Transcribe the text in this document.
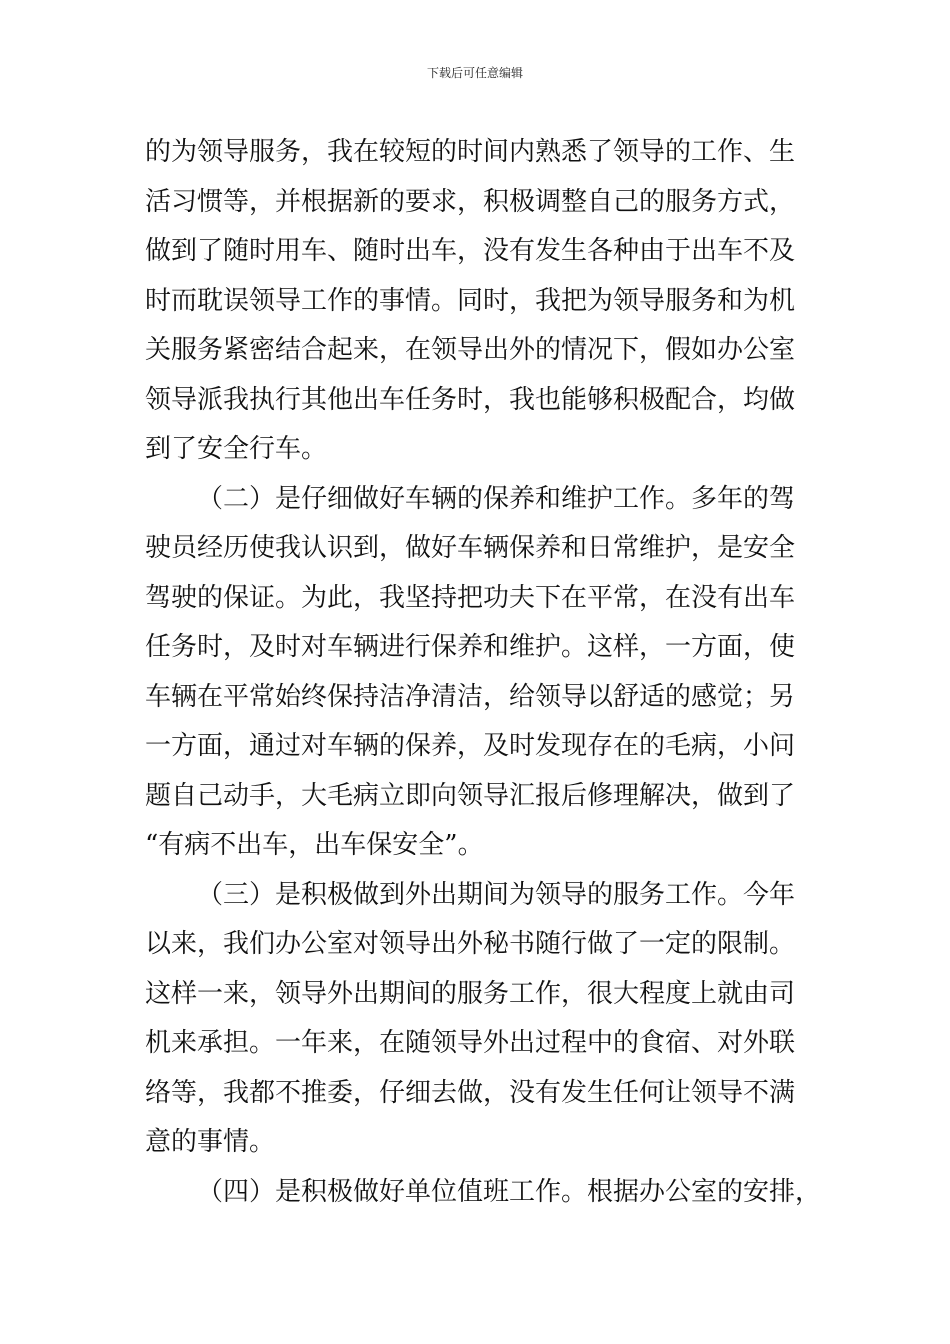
下载后可任意编辑
的为领导服务，我在较短的时间内熟悉了领导的工作、生
活习惯等，并根据新的要求，积极调整自己的服务方式，
做到了随时用车、随时出车，没有发生各种由于出车不及
时而耽误领导工作的事情。同时，我把为领导服务和为机
关服务紧密结合起来，在领导出外的情况下，假如办公室
领导派我执行其他出车任务时，我也能够积极配合，均做
到了安全行车。
（二）是仔细做好车辆的保养和维护工作。多年的驾
驶员经历使我认识到，做好车辆保养和日常维护，是安全
驾驶的保证。为此，我坚持把功夫下在平常，在没有出车
任务时，及时对车辆进行保养和维护。这样，一方面，使
车辆在平常始终保持洁净清洁，给领导以舒适的感觉；另
一方面，通过对车辆的保养，及时发现存在的毛病，小问
题自己动手，大毛病立即向领导汇报后修理解决，做到了
“有病不出车，出车保安全”。
（三）是积极做到外出期间为领导的服务工作。今年
以来，我们办公室对领导出外秘书随行做了一定的限制。
这样一来，领导外出期间的服务工作，很大程度上就由司
机来承担。一年来，在随领导外出过程中的食宿、对外联
络等，我都不推委，仔细去做，没有发生任何让领导不满
意的事情。
（四）是积极做好单位值班工作。根据办公室的安排，
